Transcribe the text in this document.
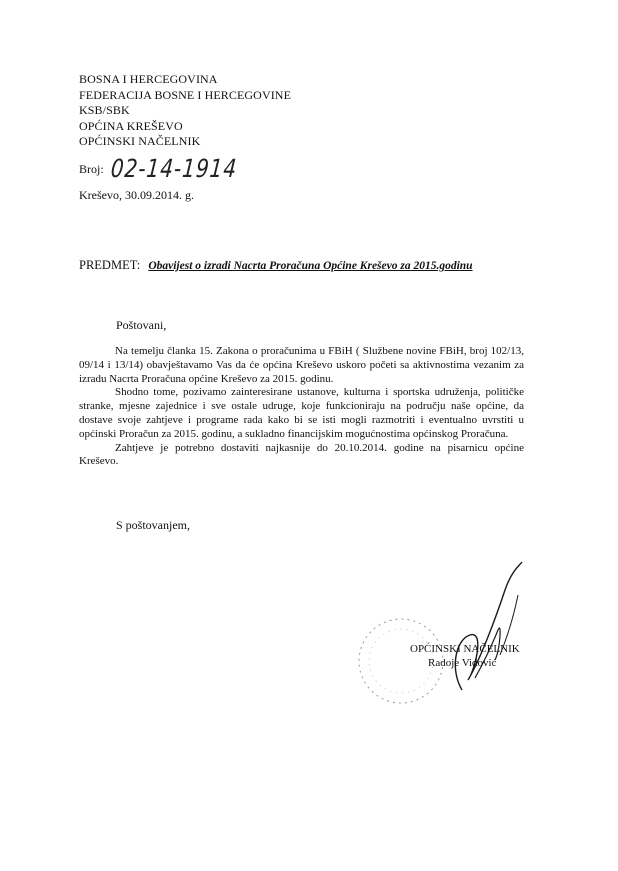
BOSNA I HERCEGOVINA
FEDERACIJA BOSNE I HERCEGOVINE
KSB/SBK
OPĆINA KREŠEVO
OPĆINSKI NAČELNIK
Broj: 02-14-1914
Kreševo, 30.09.2014. g.
PREDMET: Obavijest o izradi Nacrta Proračuna Općine Kreševo za 2015.godinu
Poštovani,

Na temelju članka 15. Zakona o proračunima u FBiH ( Službene novine FBiH, broj 102/13, 09/14 i 13/14) obavještavamo Vas da će općina Kreševo uskoro početi sa aktivnostima vezanim za izradu Nacrta Proračuna općine Kreševo za 2015. godinu.

Shodno tome, pozivamo zainteresirane ustanove, kulturna i sportska udruženja, političke stranke, mjesne zajednice i sve ostale udruge, koje funkcioniraju na području naše općine, da dostave svoje zahtjeve i programe rada kako bi se isti mogli razmotriti i eventualno uvrstiti u općinski Proračun za 2015. godinu, a sukladno financijskim mogućnostima općinskog Proračuna.

Zahtjeve je potrebno dostaviti najkasnije do 20.10.2014. godine na pisarnicu općine Kreševo.

S poštovanjem,
OPĆINSKI NAČELNIK
Radoje Vidović
